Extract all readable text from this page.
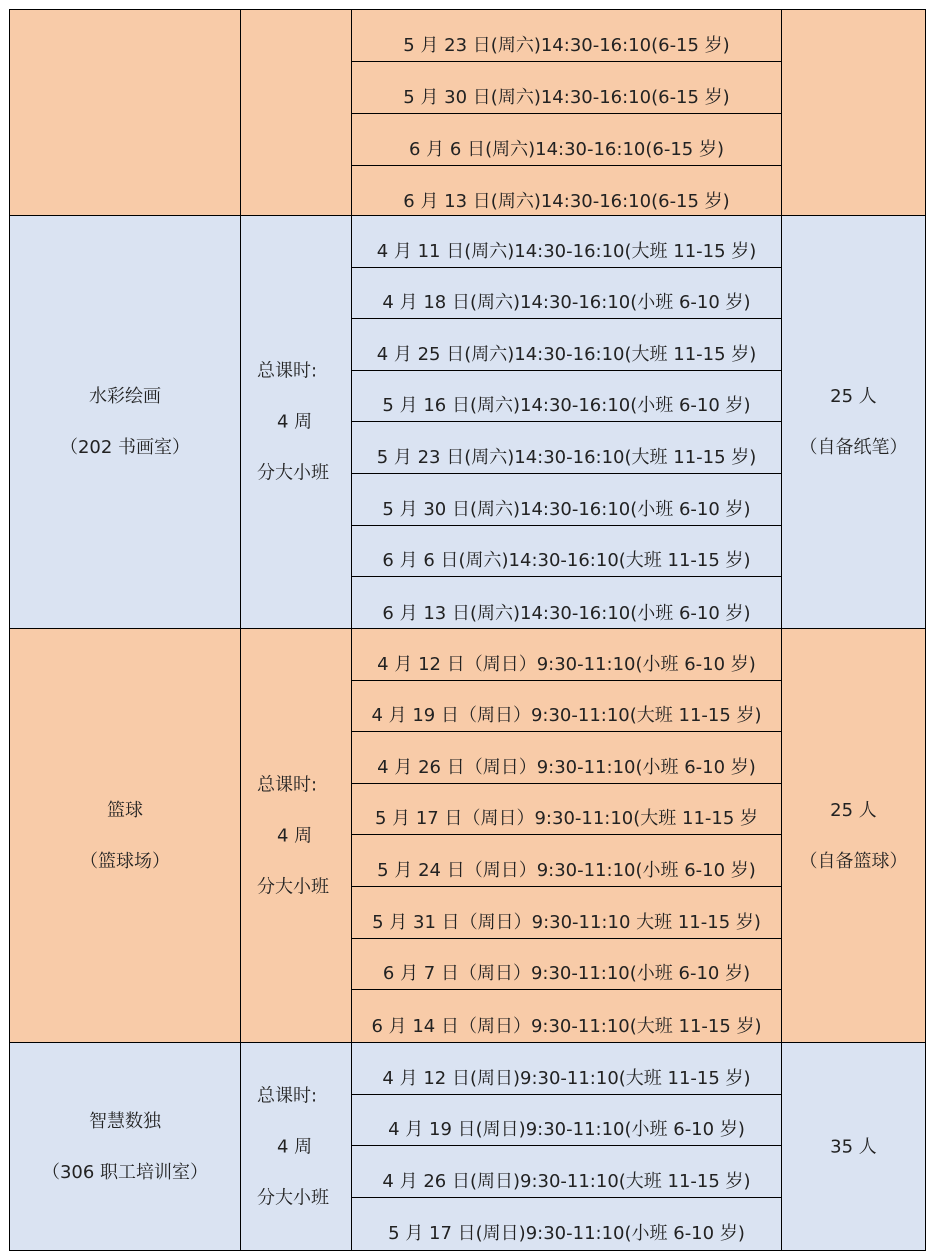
5 月 23 日(周六)14:30-16:10(6-15 岁)
5 月 30 日(周六)14:30-16:10(6-15 岁)
6 月 6 日(周六)14:30-16:10(6-15 岁)
6 月 13 日(周六)14:30-16:10(6-15 岁)
水彩绘画
（202 书画室）
总课时:
4 周
分大小班
4 月 11 日(周六)14:30-16:10(大班 11-15 岁)
4 月 18 日(周六)14:30-16:10(小班 6-10 岁)
4 月 25 日(周六)14:30-16:10(大班 11-15 岁)
5 月 16 日(周六)14:30-16:10(小班 6-10 岁)
5 月 23 日(周六)14:30-16:10(大班 11-15 岁)
5 月 30 日(周六)14:30-16:10(小班 6-10 岁)
6 月 6 日(周六)14:30-16:10(大班 11-15 岁)
6 月 13 日(周六)14:30-16:10(小班 6-10 岁)
25 人
（自备纸笔）
篮球
（篮球场）
总课时:
4 周
分大小班
4 月 12 日（周日）9:30-11:10(小班 6-10 岁)
4 月 19 日（周日）9:30-11:10(大班 11-15 岁)
4 月 26 日（周日）9:30-11:10(小班 6-10 岁)
5 月 17 日（周日）9:30-11:10(大班 11-15 岁
5 月 24 日（周日）9:30-11:10(小班 6-10 岁)
5 月 31 日（周日）9:30-11:10 大班 11-15 岁)
6 月 7 日（周日）9:30-11:10(小班 6-10 岁)
6 月 14 日（周日）9:30-11:10(大班 11-15 岁)
25 人
（自备篮球）
智慧数独
（306 职工培训室）
总课时:
4 周
分大小班
4 月 12 日(周日)9:30-11:10(大班 11-15 岁)
4 月 19 日(周日)9:30-11:10(小班 6-10 岁)
4 月 26 日(周日)9:30-11:10(大班 11-15 岁)
5 月 17 日(周日)9:30-11:10(小班 6-10 岁)
35 人
